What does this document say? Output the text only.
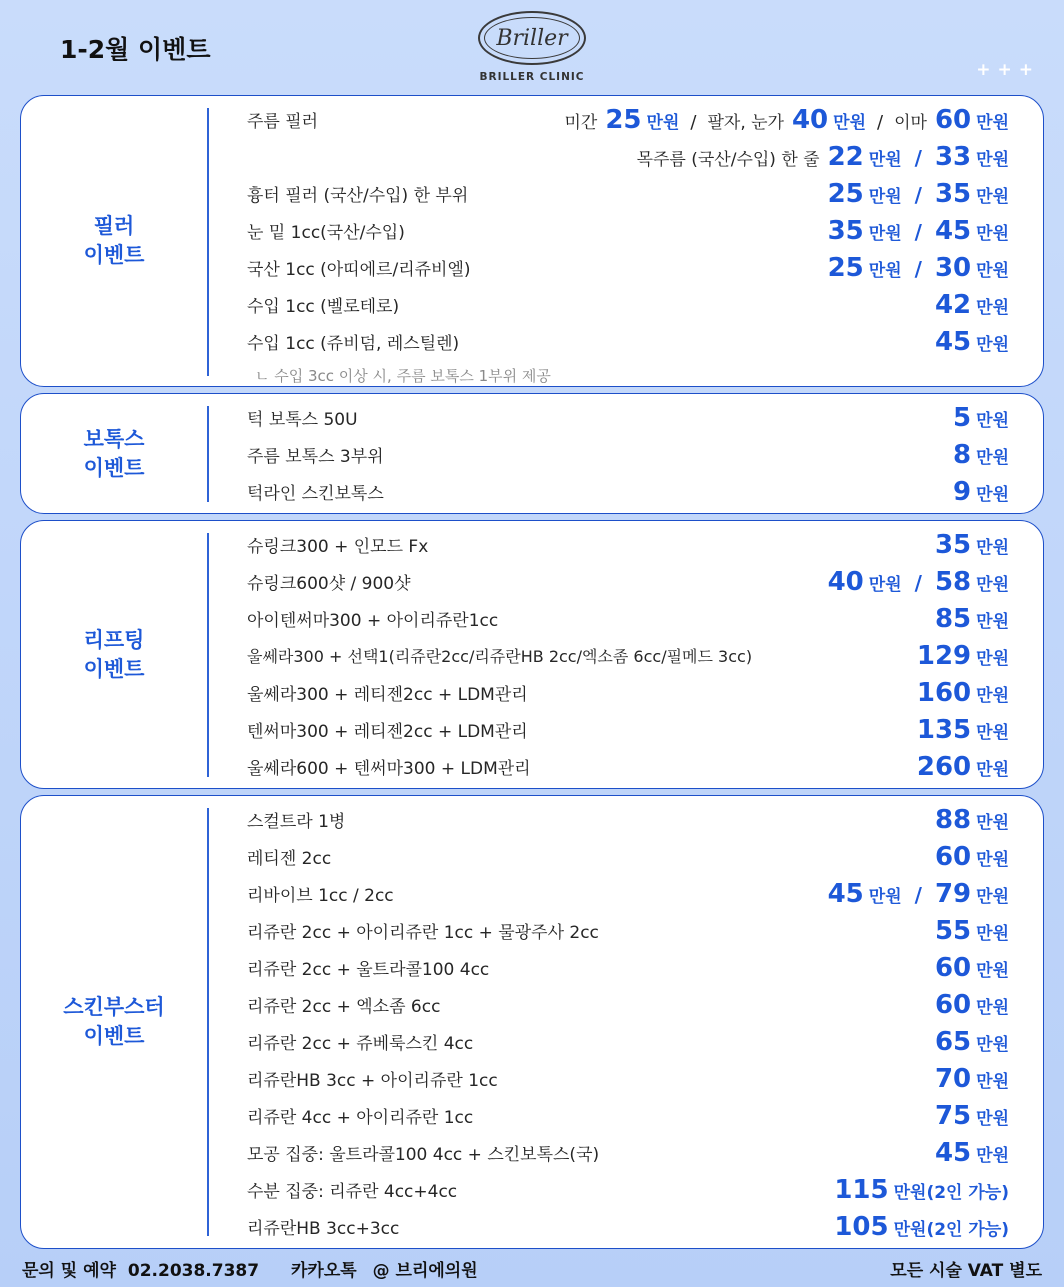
1-2월 이벤트	Briller
BRILLER CLINIC	+++
필러
이벤트
주름 필러	미간 25 만원 / 팔자, 눈가 40 만원 / 이마 60 만원
목주름 (국산/수입) 한 줄 22 만원 / 33 만원
흉터 필러 (국산/수입) 한 부위	25 만원 / 35 만원
눈 밑 1cc(국산/수입)	35 만원 / 45 만원
국산 1cc (아띠에르/리쥬비엘)	25 만원 / 30 만원
수입 1cc (벨로테로)	42 만원
수입 1cc (쥬비덤, 레스틸렌)	45 만원
ㄴ 수입 3cc 이상 시, 주름 보톡스 1부위 제공
보톡스
이벤트
턱 보톡스 50U	5 만원
주름 보톡스 3부위	8 만원
턱라인 스킨보톡스	9 만원
리프팅
이벤트
슈링크300 + 인모드 Fx	35 만원
슈링크600샷 / 900샷	40 만원 / 58 만원
아이텐써마300 + 아이리쥬란1cc	85 만원
울쎄라300 + 선택1(리쥬란2cc/리쥬란HB 2cc/엑소좀 6cc/필메드 3cc)	129 만원
울쎄라300 + 레티젠2cc + LDM관리	160 만원
텐써마300 + 레티젠2cc + LDM관리	135 만원
울쎄라600 + 텐써마300 + LDM관리	260 만원
스킨부스터
이벤트
스컬트라 1병	88 만원
레티젠 2cc	60 만원
리바이브 1cc / 2cc	45 만원 / 79 만원
리쥬란 2cc + 아이리쥬란 1cc + 물광주사 2cc	55 만원
리쥬란 2cc + 울트라콜100 4cc	60 만원
리쥬란 2cc + 엑소좀 6cc	60 만원
리쥬란 2cc + 쥬베룩스킨 4cc	65 만원
리쥬란HB 3cc + 아이리쥬란 1cc	70 만원
리쥬란 4cc + 아이리쥬란 1cc	75 만원
모공 집중: 울트라콜100 4cc + 스킨보톡스(국)	45 만원
수분 집중: 리쥬란 4cc+4cc	115 만원(2인 가능)
리쥬란HB 3cc+3cc	105 만원(2인 가능)
문의 및 예약 02.2038.7387 카카오톡 @ 브리에의원	모든 시술 VAT 별도
